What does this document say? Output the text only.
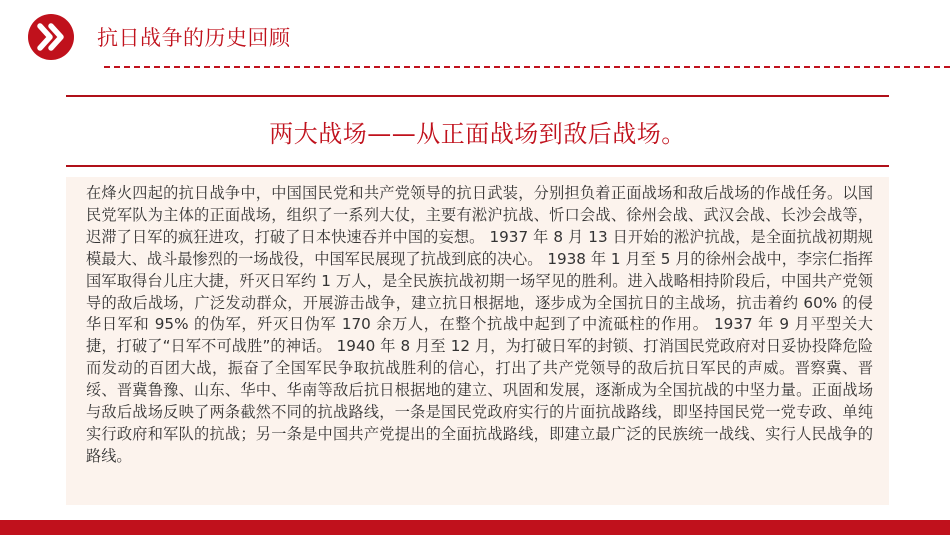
抗日战争的历史回顾
两大战场——从正面战场到敌后战场。

在烽火四起的抗日战争中，中国国民党和共产党领导的抗日武装，分别担负着正面战场和敌后战场的作战任务。以国民党军队为主体的正面战场，组织了一系列大仗，主要有淞沪抗战、忻口会战、徐州会战、武汉会战、长沙会战等，迟滞了日军的疯狂进攻，打破了日本快速吞并中国的妄想。 1937 年 8 月 13 日开始的淞沪抗战，是全面抗战初期规模最大、战斗最惨烈的一场战役，中国军民展现了抗战到底的决心。 1938 年 1 月至 5 月的徐州会战中，李宗仁指挥国军取得台儿庄大捷，歼灭日军约 1 万人，是全民族抗战初期一场罕见的胜利。进入战略相持阶段后，中国共产党领导的敌后战场，广泛发动群众，开展游击战争，建立抗日根据地，逐步成为全国抗日的主战场，抗击着约 60% 的侵华日军和 95% 的伪军，歼灭日伪军 170 余万人，在整个抗战中起到了中流砥柱的作用。 1937 年 9 月平型关大捷，打破了“日军不可战胜”的神话。 1940 年 8 月至 12 月，为打破日军的封锁、打消国民党政府对日妥协投降危险而发动的百团大战，振奋了全国军民争取抗战胜利的信心，打出了共产党领导的敌后抗日军民的声威。晋察冀、晋绥、晋冀鲁豫、山东、华中、华南等敌后抗日根据地的建立、巩固和发展，逐渐成为全国抗战的中坚力量。正面战场与敌后战场反映了两条截然不同的抗战路线，一条是国民党政府实行的片面抗战路线，即坚持国民党一党专政、单纯实行政府和军队的抗战；另一条是中国共产党提出的全面抗战路线，即建立最广泛的民族统一战线、实行人民战争的路线。
